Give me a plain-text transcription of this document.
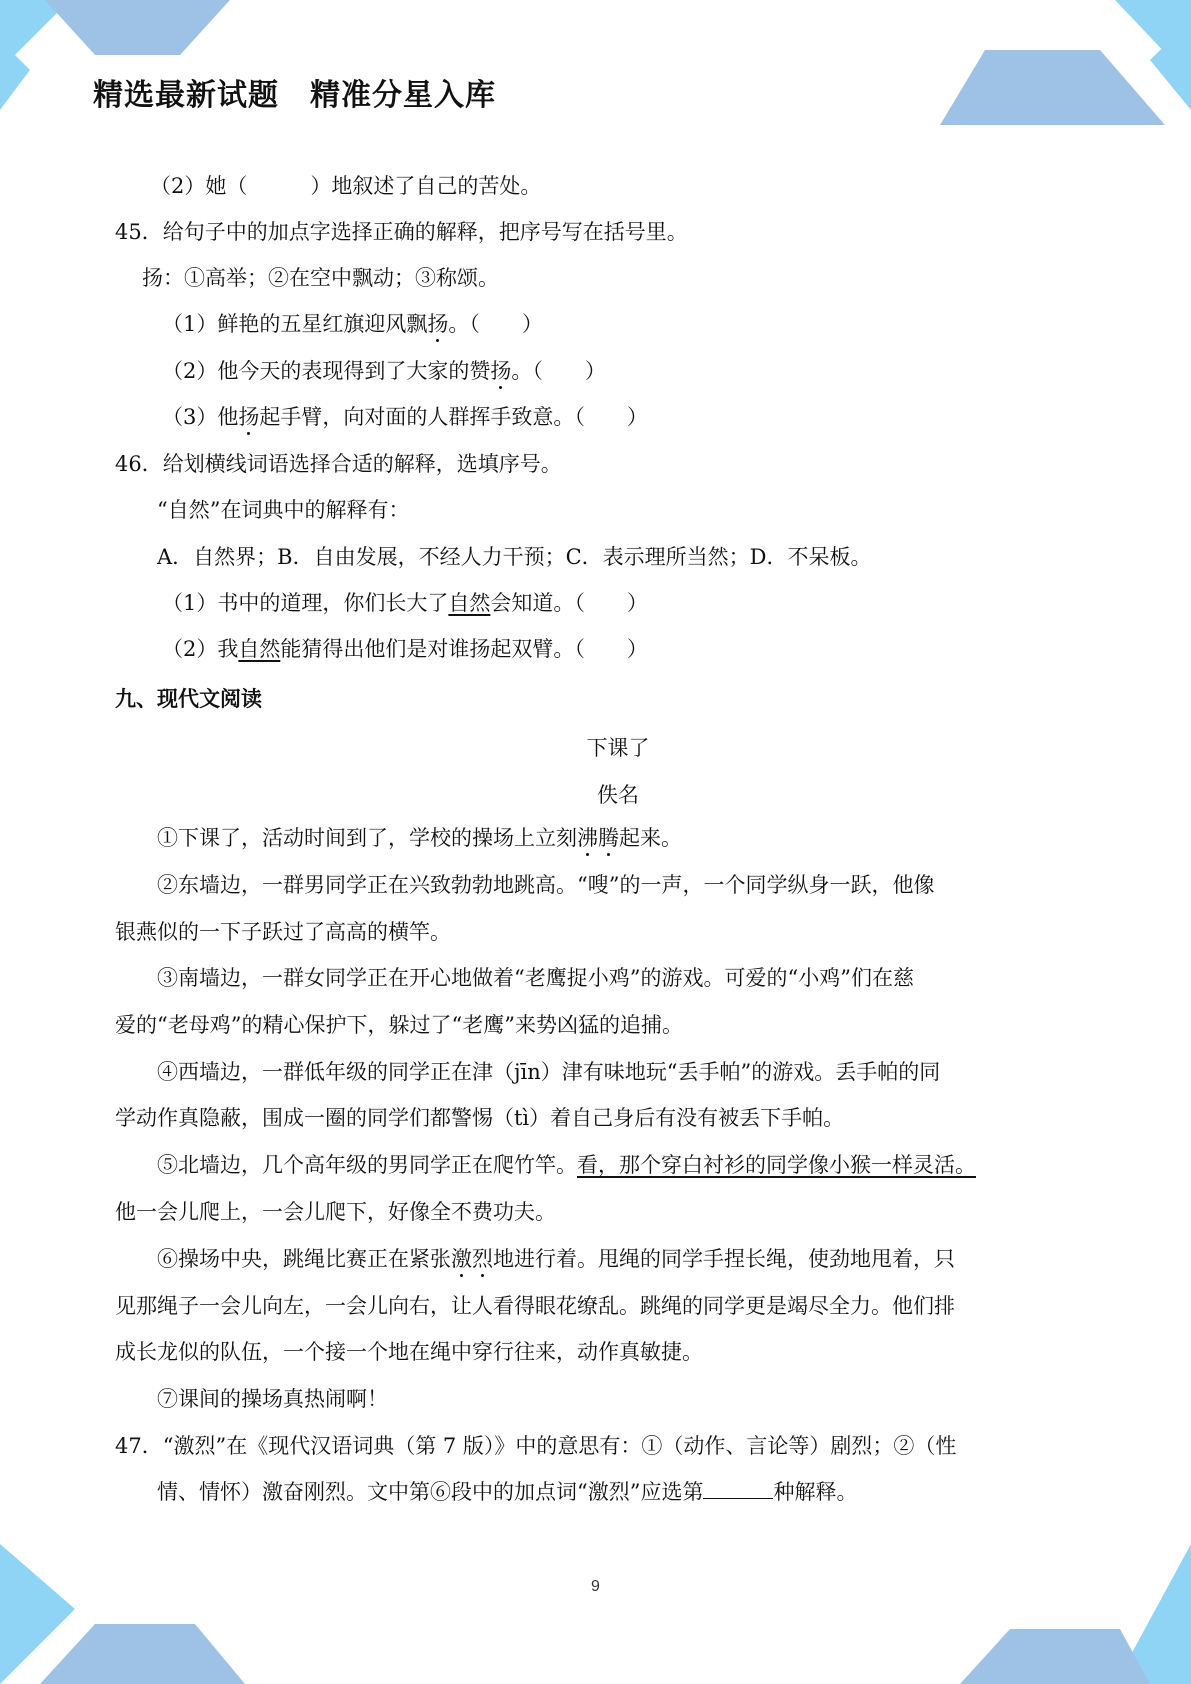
精选最新试题　精准分星入库
（2）她（　　　）地叙述了自己的苦处。
45．给句子中的加点字选择正确的解释，把序号写在括号里。
扬：①高举；②在空中飘动；③称颂。
（1）鲜艳的五星红旗迎风飘扬。（　　）
（2）他今天的表现得到了大家的赞扬。（　　）
（3）他扬起手臂，向对面的人群挥手致意。（　　）
46．给划横线词语选择合适的解释，选填序号。
“自然”在词典中的解释有：
A．自然界；B．自由发展，不经人力干预；C．表示理所当然；D．不呆板。
（1）书中的道理，你们长大了自然会知道。（　　）
（2）我自然能猜得出他们是对谁扬起双臂。（　　）
九、现代文阅读
下课了
佚名
①下课了，活动时间到了，学校的操场上立刻沸腾起来。
②东墙边，一群男同学正在兴致勃勃地跳高。“嗖”的一声，一个同学纵身一跃，他像
银燕似的一下子跃过了高高的横竿。
③南墙边，一群女同学正在开心地做着“老鹰捉小鸡”的游戏。可爱的“小鸡”们在慈
爱的“老母鸡”的精心保护下，躲过了“老鹰”来势凶猛的追捕。
④西墙边，一群低年级的同学正在津（jīn）津有味地玩“丢手帕”的游戏。丢手帕的同
学动作真隐蔽，围成一圈的同学们都警惕（tì）着自己身后有没有被丢下手帕。
⑤北墙边，几个高年级的男同学正在爬竹竿。看，那个穿白衬衫的同学像小猴一样灵活。
他一会儿爬上，一会儿爬下，好像全不费功夫。
⑥操场中央，跳绳比赛正在紧张激烈地进行着。甩绳的同学手捏长绳，使劲地甩着，只
见那绳子一会儿向左，一会儿向右，让人看得眼花缭乱。跳绳的同学更是竭尽全力。他们排
成长龙似的队伍，一个接一个地在绳中穿行往来，动作真敏捷。
⑦课间的操场真热闹啊！
47．“激烈”在《现代汉语词典（第 7 版）》中的意思有：①（动作、言论等）剧烈；②（性
情、情怀）激奋刚烈。文中第⑥段中的加点词“激烈”应选第	种解释。
9
